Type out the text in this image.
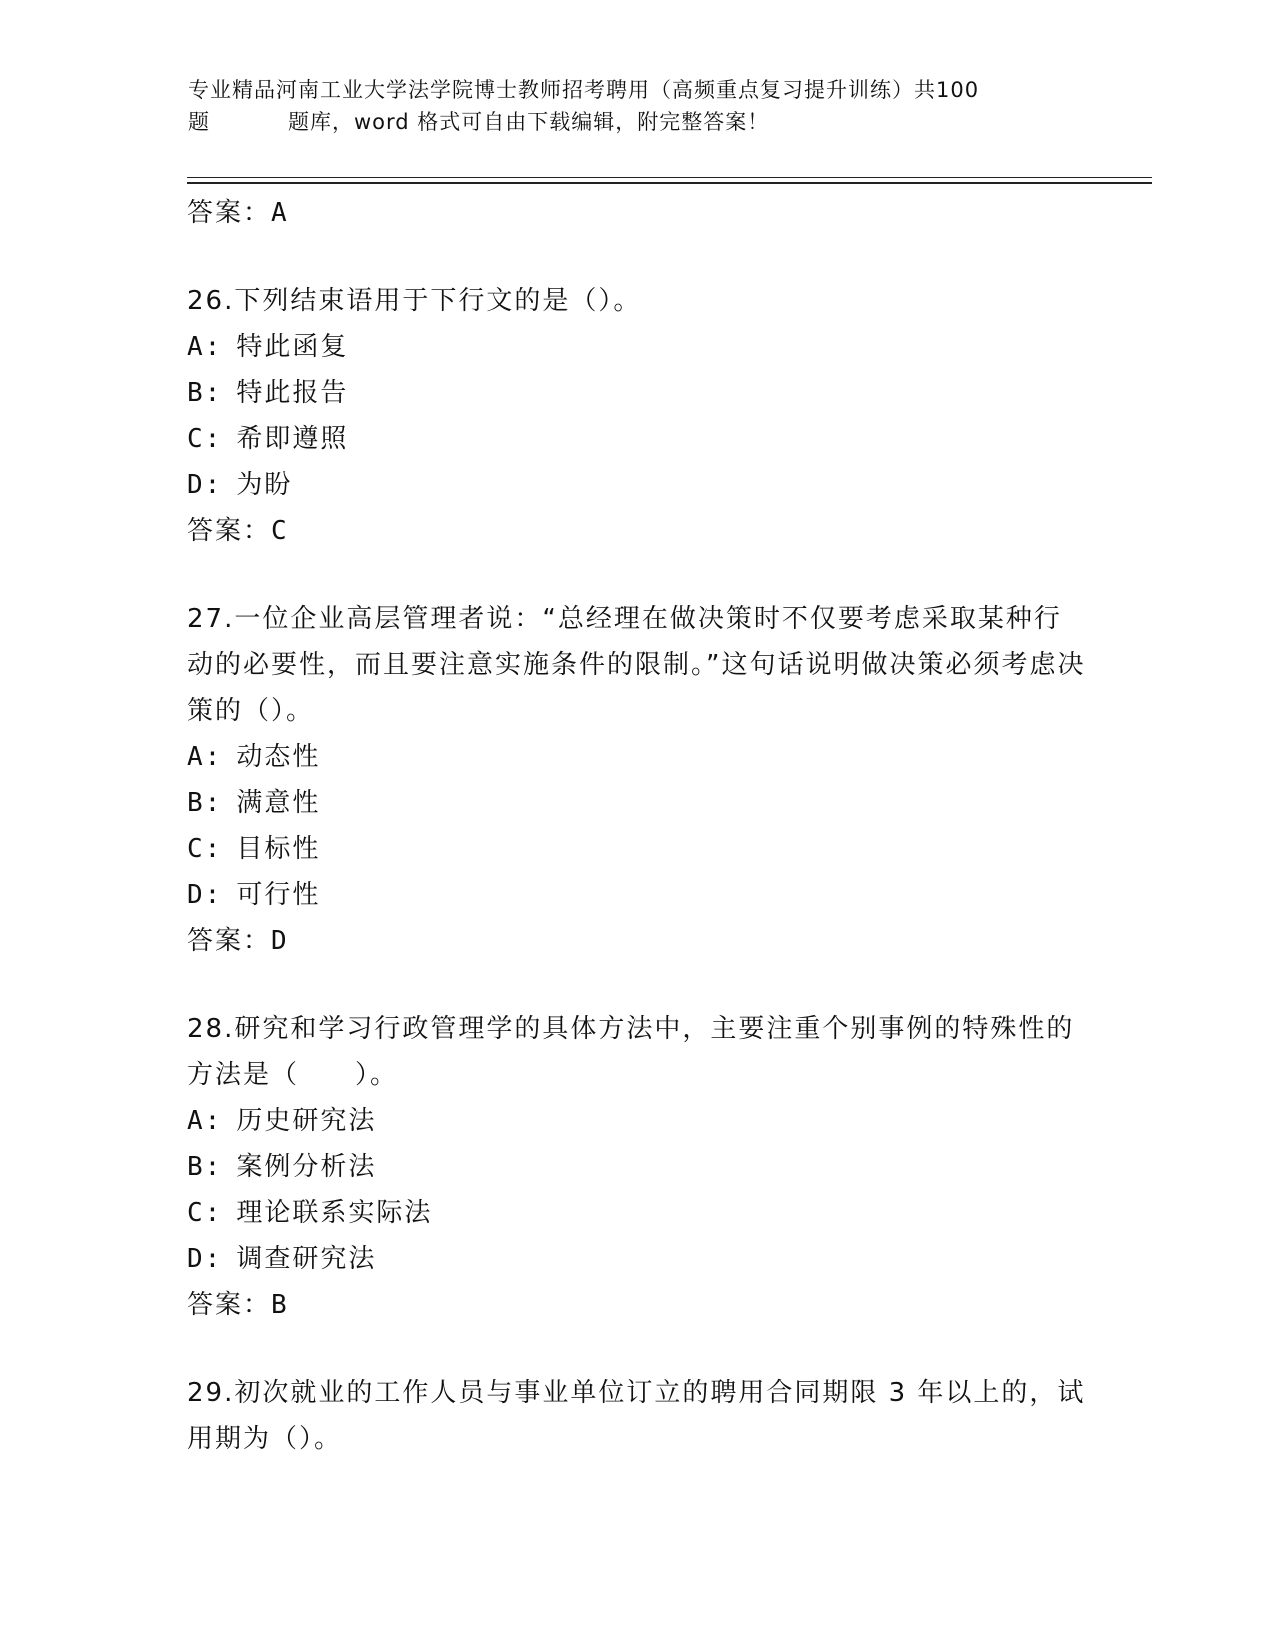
专业精品河南工业大学法学院博士教师招考聘用（高频重点复习提升训练）共100
题	题库，word 格式可自由下载编辑，附完整答案！
答案：A
26.下列结束语用于下行文的是（）。
A: 特此函复
B: 特此报告
C: 希即遵照
D: 为盼
答案：C
27.一位企业高层管理者说：“总经理在做决策时不仅要考虑采取某种行动的必要性，而且要注意实施条件的限制。”这句话说明做决策必须考虑决策的（）。
A: 动态性
B: 满意性
C: 目标性
D: 可行性
答案：D
28.研究和学习行政管理学的具体方法中，主要注重个别事例的特殊性的方法是（　　）。
A: 历史研究法
B: 案例分析法
C: 理论联系实际法
D: 调查研究法
答案：B
29.初次就业的工作人员与事业单位订立的聘用合同期限 3 年以上的，试用期为（）。
